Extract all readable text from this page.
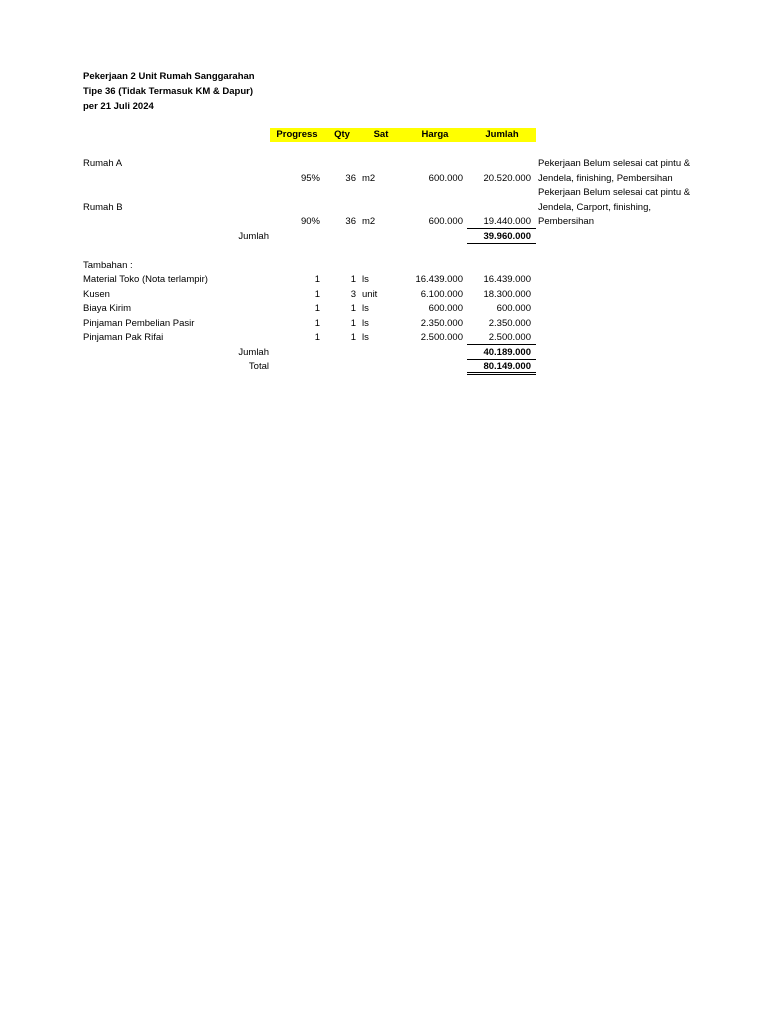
Pekerjaan 2 Unit Rumah Sanggarahan
Tipe 36 (Tidak Termasuk KM & Dapur)
per 21 Juli 2024
Progress	Qty	Sat	Harga	Jumlah
Rumah A
95%	36 m2	600.000	20.520.000
Pekerjaan Belum selesai cat pintu &
Jendela, finishing, Pembersihan
Rumah B
90%	36 m2	600.000	19.440.000
Pekerjaan Belum selesai cat pintu &
Jendela, Carport, finishing,
Pembersihan
Jumlah	39.960.000
Tambahan :
Material Toko (Nota terlampir)	1	1 ls	16.439.000	16.439.000
Kusen	1	3 unit	6.100.000	18.300.000
Biaya Kirim	1	1 ls	600.000	600.000
Pinjaman Pembelian Pasir	1	1 ls	2.350.000	2.350.000
Pinjaman Pak Rifai	1	1 ls	2.500.000	2.500.000
Jumlah	40.189.000
Total	80.149.000
